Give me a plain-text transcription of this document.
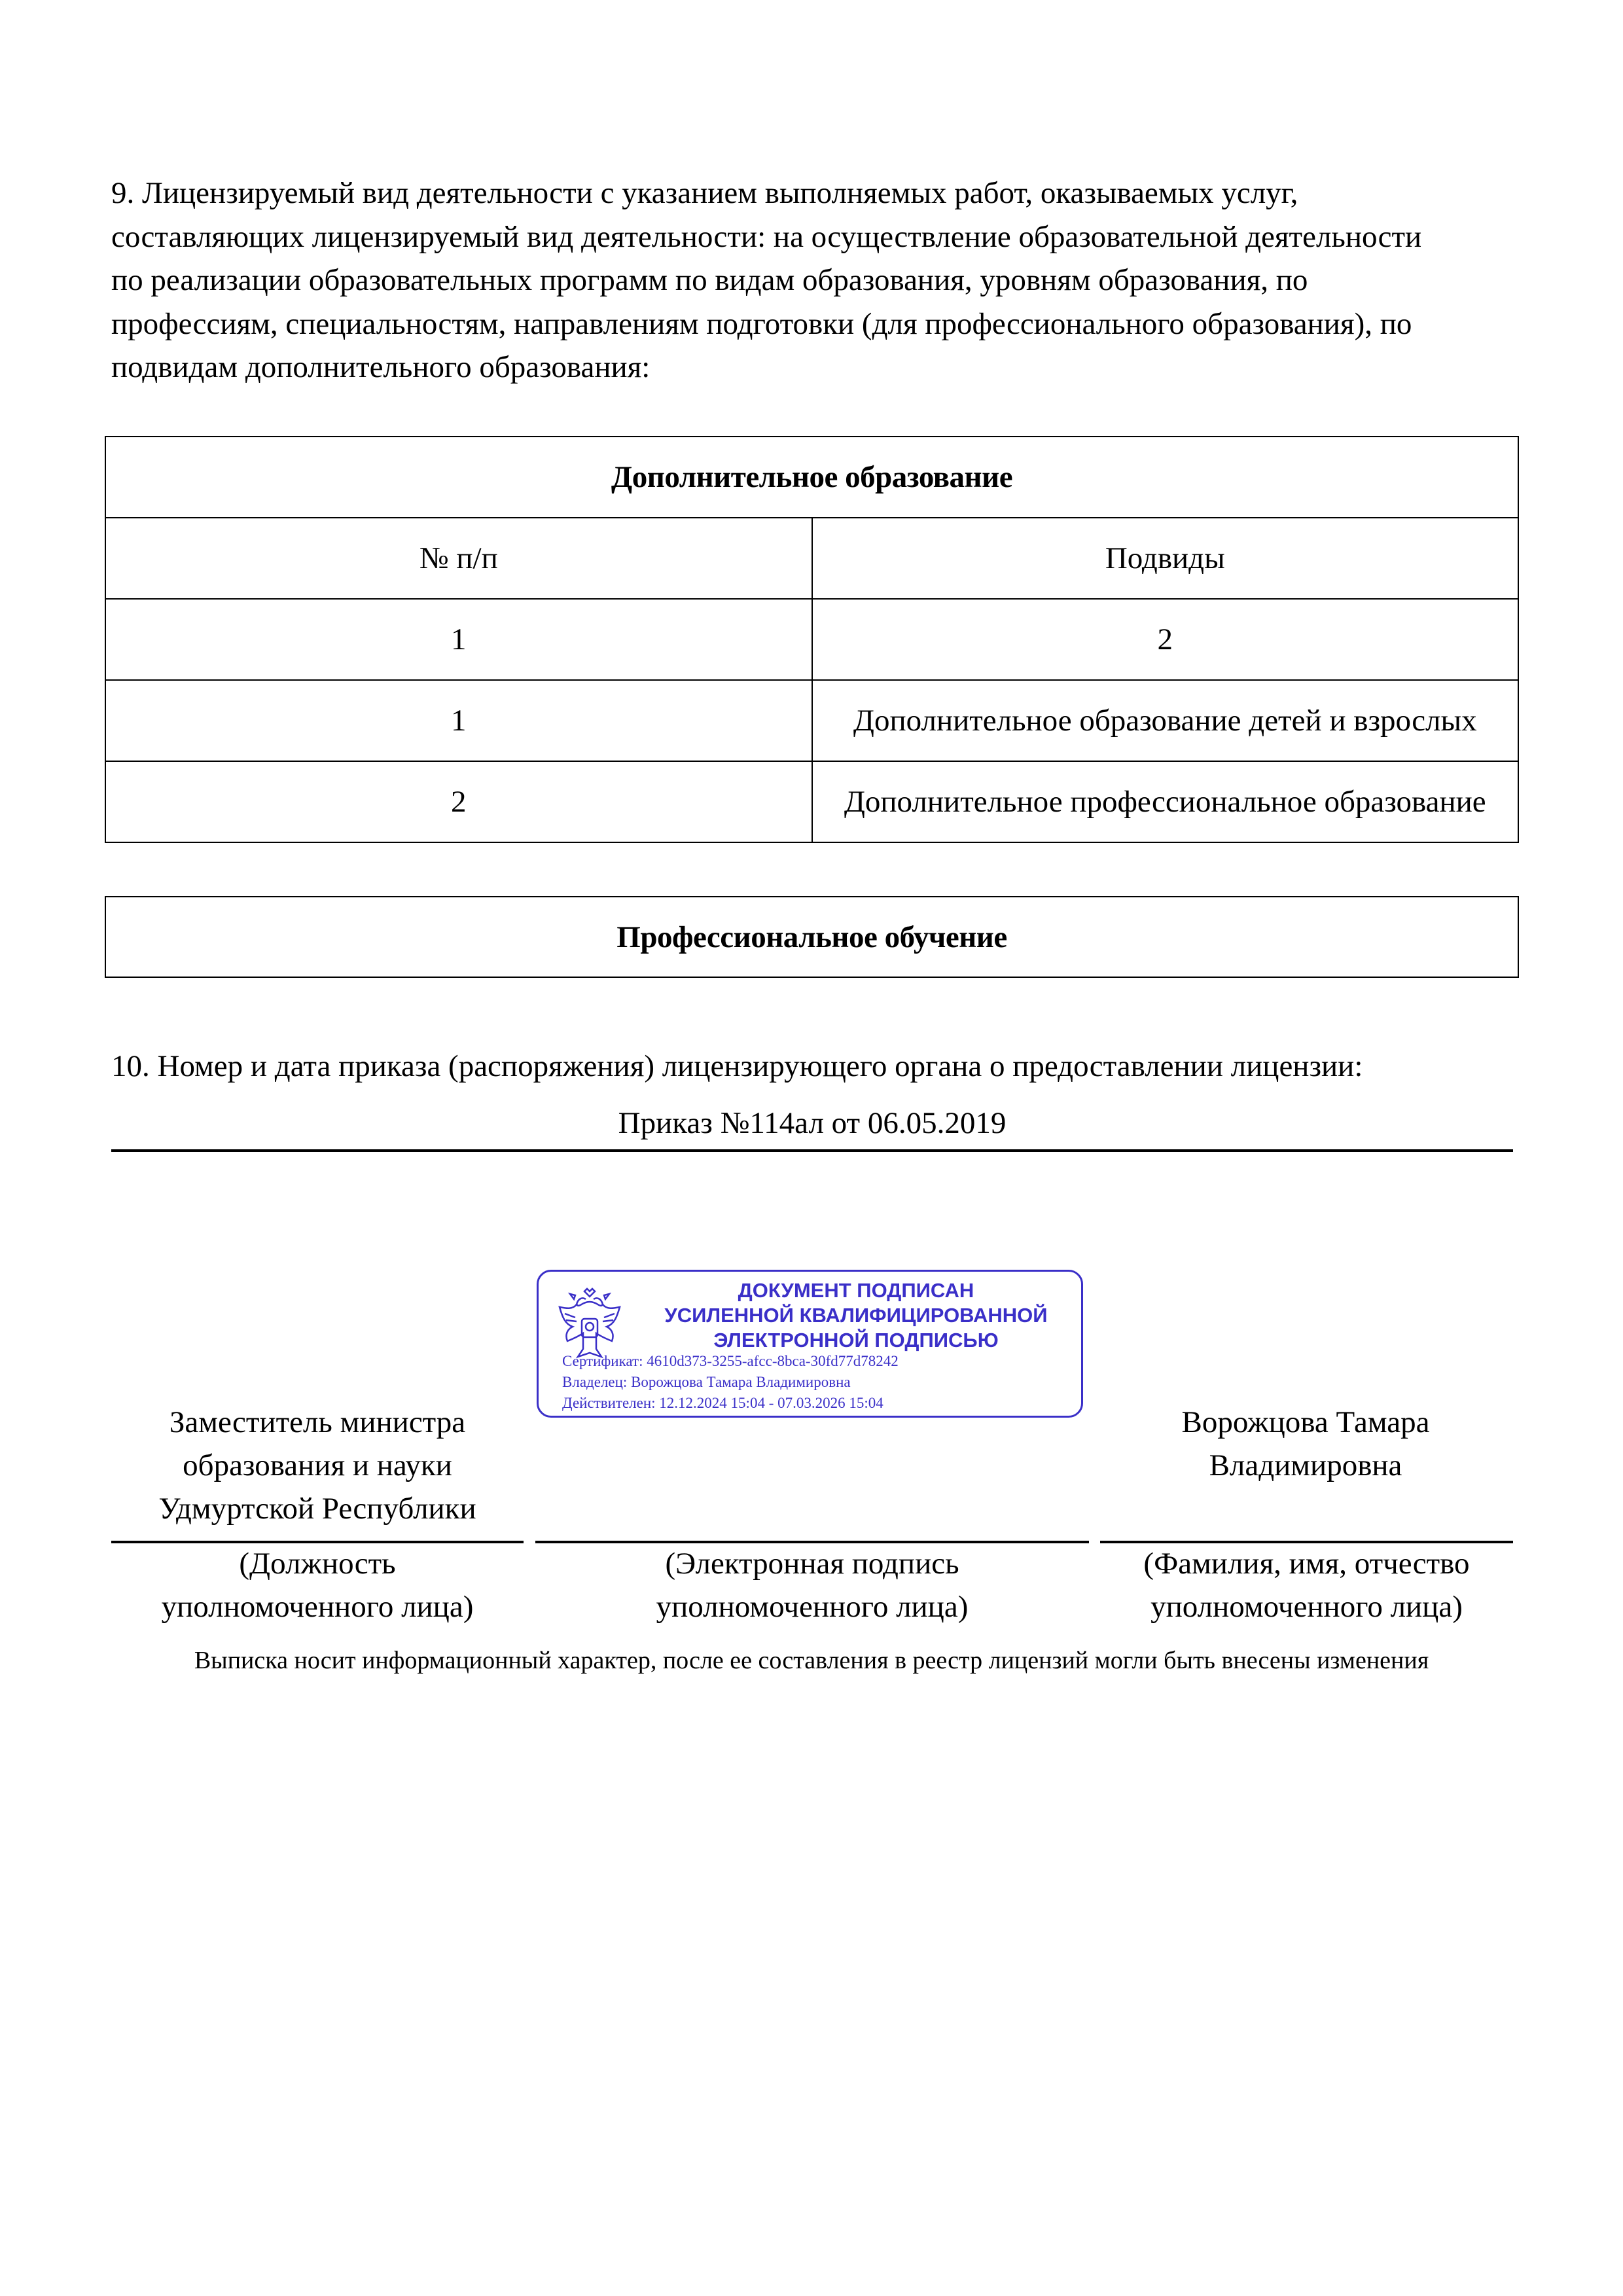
9. Лицензируемый вид деятельности с указанием выполняемых работ, оказываемых услуг,
составляющих лицензируемый вид деятельности: на осуществление образовательной деятельности
по реализации образовательных программ по видам образования, уровням образования, по
профессиям, специальностям, направлениям подготовки (для профессионального образования), по
подвидам дополнительного образования:
Дополнительное образование	
№ п/п	Подвиды
1	2
1	Дополнительное образование детей и взрослых
2	Дополнительное профессиональное образование
Профессиональное обучение
10. Номер и дата приказа (распоряжения) лицензирующего органа о предоставлении лицензии:
Приказ №114ал от 06.05.2019
ДОКУМЕНТ ПОДПИСАН
УСИЛЕННОЙ КВАЛИФИЦИРОВАННОЙ
ЭЛЕКТРОННОЙ ПОДПИСЬЮ
Сертификат: 4610d373-3255-afcc-8bca-30fd77d78242
Владелец: Ворожцова Тамара Владимировна
Действителен: 12.12.2024 15:04 - 07.03.2026 15:04
Заместитель министра
образования и науки
Удмуртской Республики
Ворожцова Тамара
Владимировна
(Должность
уполномоченного лица)
(Электронная подпись
уполномоченного лица)
(Фамилия, имя, отчество
уполномоченного лица)
Выписка носит информационный характер, после ее составления в реестр лицензий могли быть внесены изменения
